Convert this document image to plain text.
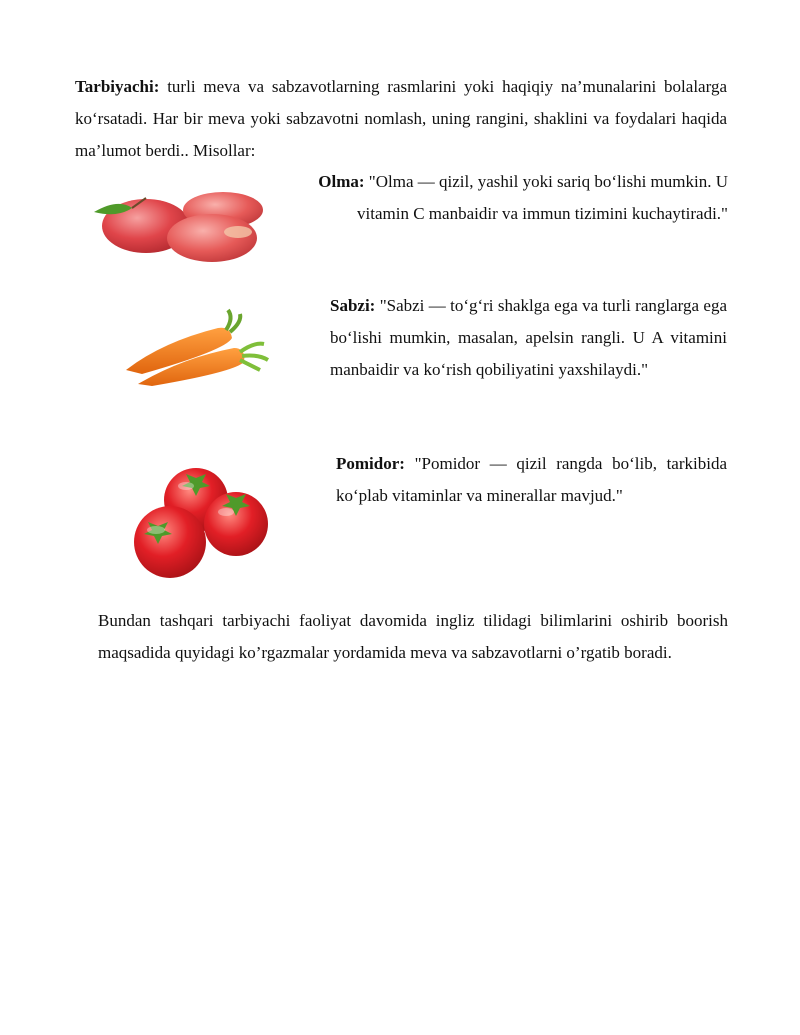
Tarbiyachi: turli meva va sabzavotlarning rasmlarini yoki haqiqiy na’munalarini bolalarga ko‘rsatadi. Har bir meva yoki sabzavotni nomlash, uning rangini, shaklini va foydalari haqida ma’lumot berdi.. Misollar:

Olma: "Olma — qizil, yashil yoki sariq bo‘lishi mumkin. U vitamin C manbaidir va immun tizimini kuchaytiradi."
Sabzi: "Sabzi — to‘g‘ri shaklga ega va turli ranglarga ega bo‘lishi mumkin, masalan, apelsin rangli. U A vitamini manbaidir va ko‘rish qobiliyatini yaxshilaydi."
Pomidor: "Pomidor — qizil rangda bo‘lib, tarkibida ko‘plab vitaminlar va minerallar mavjud."

Bundan tashqari tarbiyachi faoliyat davomida ingliz tilidagi bilimlarini oshirib boorish maqsadida quyidagi ko’rgazmalar yordamida meva va sabzavotlarni o’rgatib boradi.
